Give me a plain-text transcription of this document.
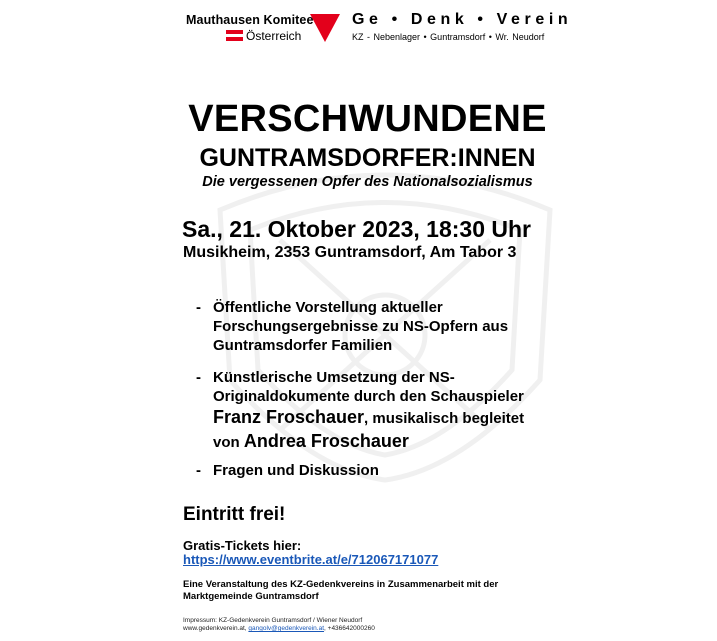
Mauthausen Komitee
Österreich
Ge • Denk • Verein
KZ - Nebenlager • Guntramsdorf • Wr. Neudorf
VERSCHWUNDENE
GUNTRAMSDORFER:INNEN
Die vergessenen Opfer des Nationalsozialismus
Sa., 21. Oktober 2023, 18:30 Uhr
Musikheim, 2353 Guntramsdorf, Am Tabor 3
- Öffentliche Vorstellung aktueller
Forschungsergebnisse zu NS-Opfern aus
Guntramsdorfer Familien
- Künstlerische Umsetzung der NS-
Originaldokumente durch den Schauspieler
Franz Froschauer, musikalisch begleitet
von Andrea Froschauer
- Fragen und Diskussion
Eintritt frei!
Gratis-Tickets hier:
https://www.eventbrite.at/e/712067171077
Eine Veranstaltung des KZ-Gedenkvereins in Zusammenarbeit mit der
Marktgemeinde Guntramsdorf
Impressum: KZ-Gedenkverein Guntramsdorf / Wiener Neudorf
www.gedenkverein.at, gangolv@gedenkverein.at, +436642000260
